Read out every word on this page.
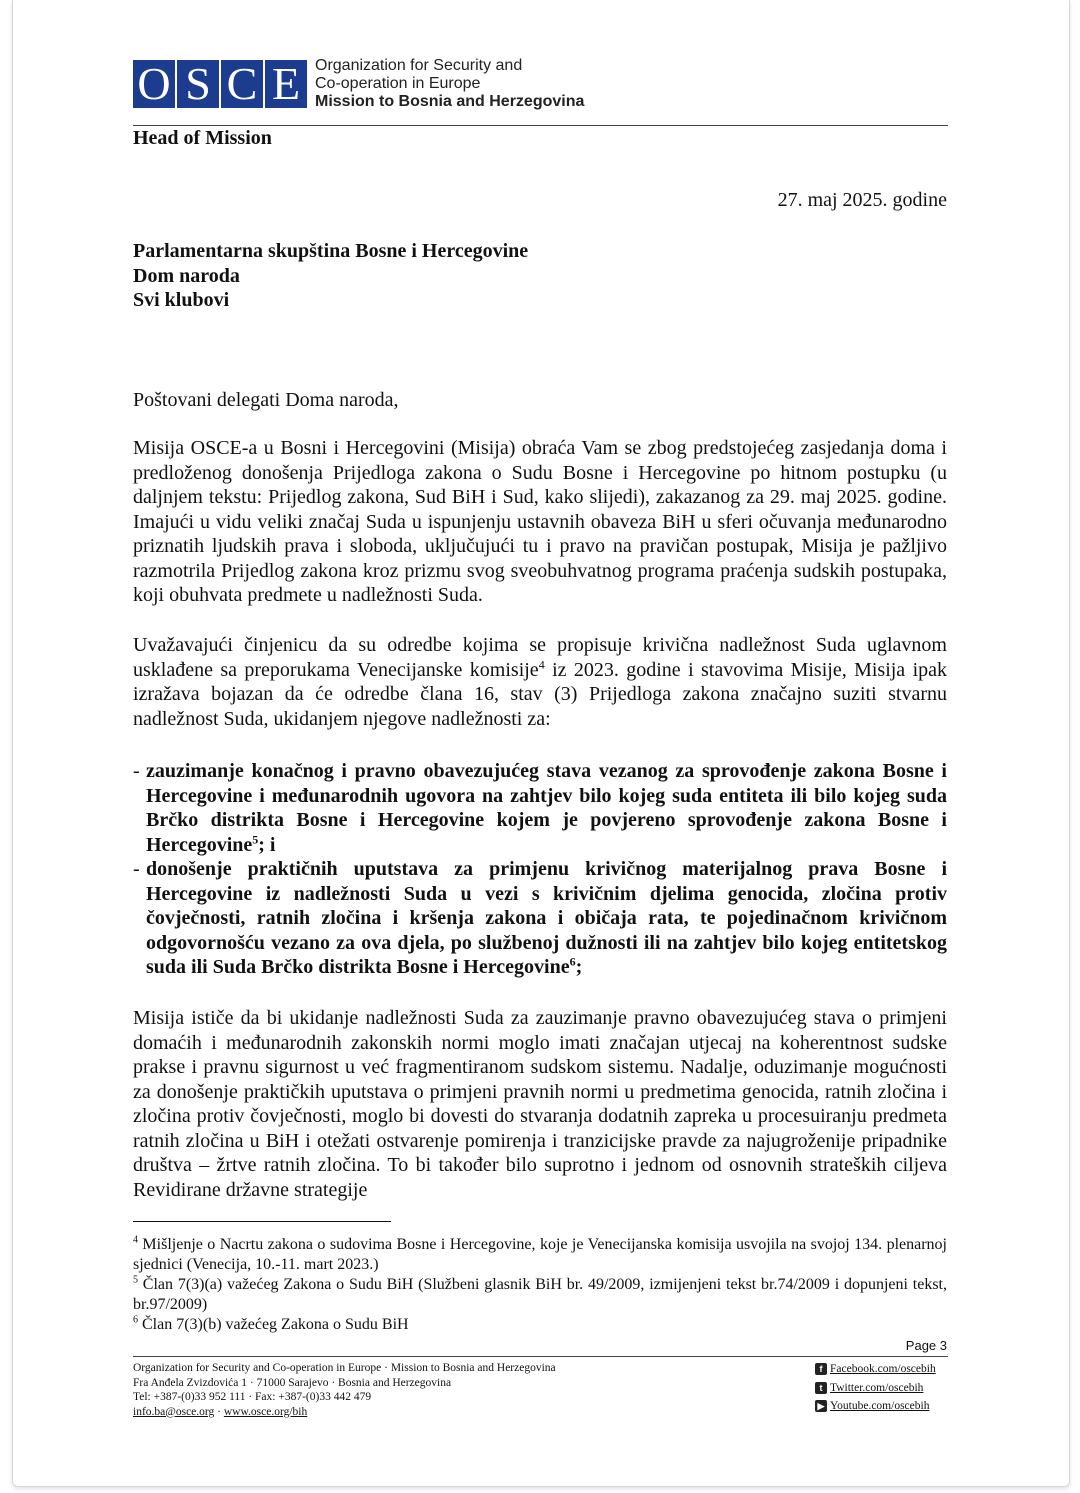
O S C E Organization for Security and
Co-operation in Europe
Mission to Bosnia and Herzegovina
Head of Mission
27. maj 2025. godine
Parlamentarna skupština Bosne i Hercegovine
Dom naroda
Svi klubovi
Poštovani delegati Doma naroda,
Misija OSCE-a u Bosni i Hercegovini (Misija) obraća Vam se zbog predstojećeg zasjedanja doma i predloženog donošenja Prijedloga zakona o Sudu Bosne i Hercegovine po hitnom postupku (u daljnjem tekstu: Prijedlog zakona, Sud BiH i Sud, kako slijedi), zakazanog za 29. maj 2025. godine. Imajući u vidu veliki značaj Suda u ispunjenju ustavnih obaveza BiH u sferi očuvanja međunarodno priznatih ljudskih prava i sloboda, uključujući tu i pravo na pravičan postupak, Misija je pažljivo razmotrila Prijedlog zakona kroz prizmu svog sveobuhvatnog programa praćenja sudskih postupaka, koji obuhvata predmete u nadležnosti Suda.
Uvažavajući činjenicu da su odredbe kojima se propisuje krivična nadležnost Suda uglavnom usklađene sa preporukama Venecijanske komisije$^4$ iz 2023. godine i stavovima Misije, Misija ipak izražava bojazan da će odredbe člana 16, stav (3) Prijedloga zakona značajno suziti stvarnu nadležnost Suda, ukidanjem njegove nadležnosti za:
- zauzimanje konačnog i pravno obavezujućeg stava vezanog za sprovođenje zakona Bosne i Hercegovine i međunarodnih ugovora na zahtjev bilo kojeg suda entiteta ili bilo kojeg suda Brčko distrikta Bosne i Hercegovine kojem je povjereno sprovođenje zakona Bosne i Hercegovine$^5$; i
- donošenje praktičnih uputstava za primjenu krivičnog materijalnog prava Bosne i Hercegovine iz nadležnosti Suda u vezi s krivičnim djelima genocida, zločina protiv čovječnosti, ratnih zločina i kršenja zakona i običaja rata, te pojedinačnom krivičnom odgovornošću vezano za ova djela, po službenoj dužnosti ili na zahtjev bilo kojeg entitetskog suda ili Suda Brčko distrikta Bosne i Hercegovine$^6$;
Misija ističe da bi ukidanje nadležnosti Suda za zauzimanje pravno obavezujućeg stava o primjeni domaćih i međunarodnih zakonskih normi moglo imati značajan utjecaj na koherentnost sudske prakse i pravnu sigurnost u već fragmentiranom sudskom sistemu. Nadalje, oduzimanje mogućnosti za donošenje praktičkih uputstava o primjeni pravnih normi u predmetima genocida, ratnih zločina i zločina protiv čovječnosti, moglo bi dovesti do stvaranja dodatnih zapreka u procesuiranju predmeta ratnih zločina u BiH i otežati ostvarenje pomirenja i tranzicijske pravde za najugroženije pripadnike društva – žrtve ratnih zločina. To bi također bilo suprotno i jednom od osnovnih strateških ciljeva Revidirane državne strategije
$^4$ Mišljenje o Nacrtu zakona o sudovima Bosne i Hercegovine, koje je Venecijanska komisija usvojila na svojoj 134. plenarnoj sjednici (Venecija, 10.-11. mart 2023.)
$^5$ Član 7(3)(a) važećeg Zakona o Sudu BiH (Službeni glasnik BiH br. 49/2009, izmijenjeni tekst br.74/2009 i dopunjeni tekst, br.97/2009)
$^6$ Član 7(3)(b) važećeg Zakona o Sudu BiH
Page 3
Organization for Security and Co-operation in Europe · Mission to Bosnia and Herzegovina
Fra Anđela Zvizdovića 1 · 71000 Sarajevo · Bosnia and Herzegovina
Tel: +387-(0)33 952 111 · Fax: +387-(0)33 442 479
info.ba@osce.org · www.osce.org/bih
f Facebook.com/oscebih
t Twitter.com/oscebih
▶ Youtube.com/oscebih
